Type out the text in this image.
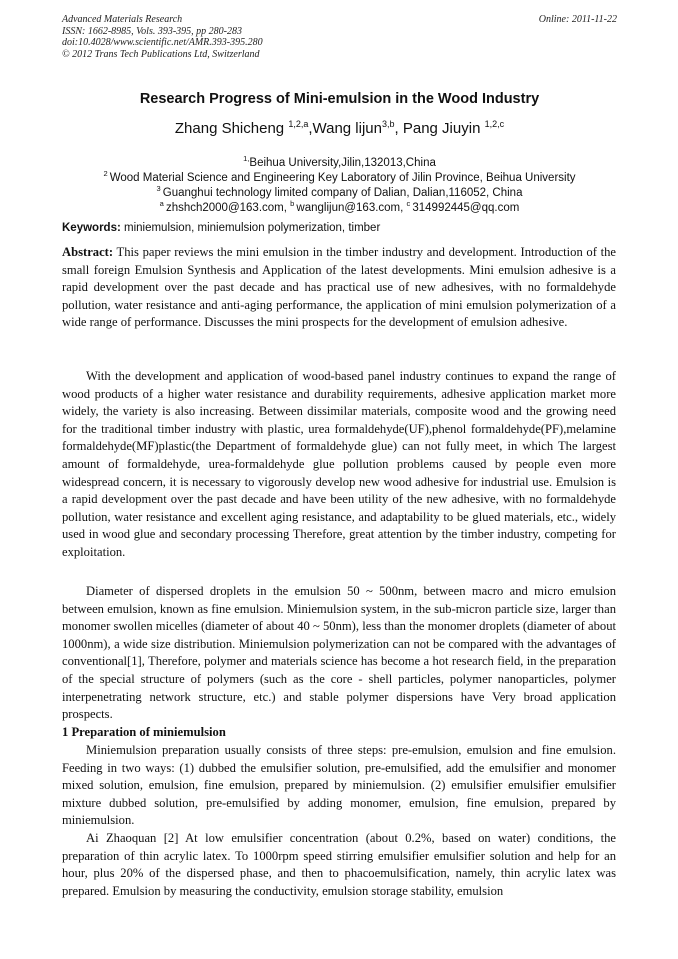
Advanced Materials Research
ISSN: 1662-8985, Vols. 393-395, pp 280-283
doi:10.4028/www.scientific.net/AMR.393-395.280
© 2012 Trans Tech Publications Ltd, Switzerland
Online: 2011-11-22
Research Progress of Mini-emulsion in the Wood Industry
Zhang Shicheng $^{1,2,a}$,Wang lijun$^{3,b}$, Pang Jiuyin $^{1,2,c}$
$^{1,}$Beihua University,Jilin,132013,China
$^2$ Wood Material Science and Engineering Key Laboratory of Jilin Province, Beihua University
$^3$ Guanghui technology limited company of Dalian, Dalian,116052, China
$^a$ zhshch2000@163.com, $^b$ wanglijun@163.com, $^c$ 314992445@qq.com
Keywords: miniemulsion, miniemulsion polymerization, timber
Abstract: This paper reviews the mini emulsion in the timber industry and development. Introduction of the small foreign Emulsion Synthesis and Application of the latest developments. Mini emulsion adhesive is a rapid development over the past decade and has practical use of new adhesives, with no formaldehyde pollution, water resistance and anti-aging performance, the application of mini emulsion polymerization of a wide range of performance. Discusses the mini prospects for the development of emulsion adhesive.
With the development and application of wood-based panel industry continues to expand the range of wood products of a higher water resistance and durability requirements, adhesive application market more widely, the variety is also increasing. Between dissimilar materials, composite wood and the growing need for the traditional timber industry with plastic, urea formaldehyde(UF),phenol formaldehyde(PF),melamine formaldehyde(MF)plastic(the Department of formaldehyde glue) can not fully meet, in which The largest amount of formaldehyde, urea-formaldehyde glue pollution problems caused by people even more widespread concern, it is necessary to vigorously develop new wood adhesive for industrial use. Emulsion is a rapid development over the past decade and have been utility of the new adhesive, with no formaldehyde pollution, water resistance and excellent aging resistance, and adaptability to be glued materials, etc., widely used in wood glue and secondary processing Therefore, great attention by the timber industry, competing for exploitation.
Diameter of dispersed droplets in the emulsion 50 ~ 500nm, between macro and micro emulsion between emulsion, known as fine emulsion. Miniemulsion system, in the sub-micron particle size, larger than monomer swollen micelles (diameter of about 40 ~ 50nm), less than the monomer droplets (diameter of about 1000nm), a wide size distribution. Miniemulsion polymerization can not be compared with the advantages of conventional[1], Therefore, polymer and materials science has become a hot research field, in the preparation of the special structure of polymers (such as the core - shell particles, polymer nanoparticles, polymer interpenetrating network structure, etc.) and stable polymer dispersions have Very broad application prospects.
1 Preparation of miniemulsion
Miniemulsion preparation usually consists of three steps: pre-emulsion, emulsion and fine emulsion. Feeding in two ways: (1) dubbed the emulsifier solution, pre-emulsified, add the emulsifier and monomer mixed solution, emulsion, fine emulsion, prepared by miniemulsion. (2) emulsifier emulsifier emulsifier mixture dubbed solution, pre-emulsified by adding monomer, emulsion, fine emulsion, prepared by miniemulsion.
Ai Zhaoquan [2] At low emulsifier concentration (about 0.2%, based on water) conditions, the preparation of thin acrylic latex. To 1000rpm speed stirring emulsifier emulsifier solution and help for an hour, plus 20% of the dispersed phase, and then to phacoemulsification, namely, thin acrylic latex was prepared. Emulsion by measuring the conductivity, emulsion storage stability, emulsion
